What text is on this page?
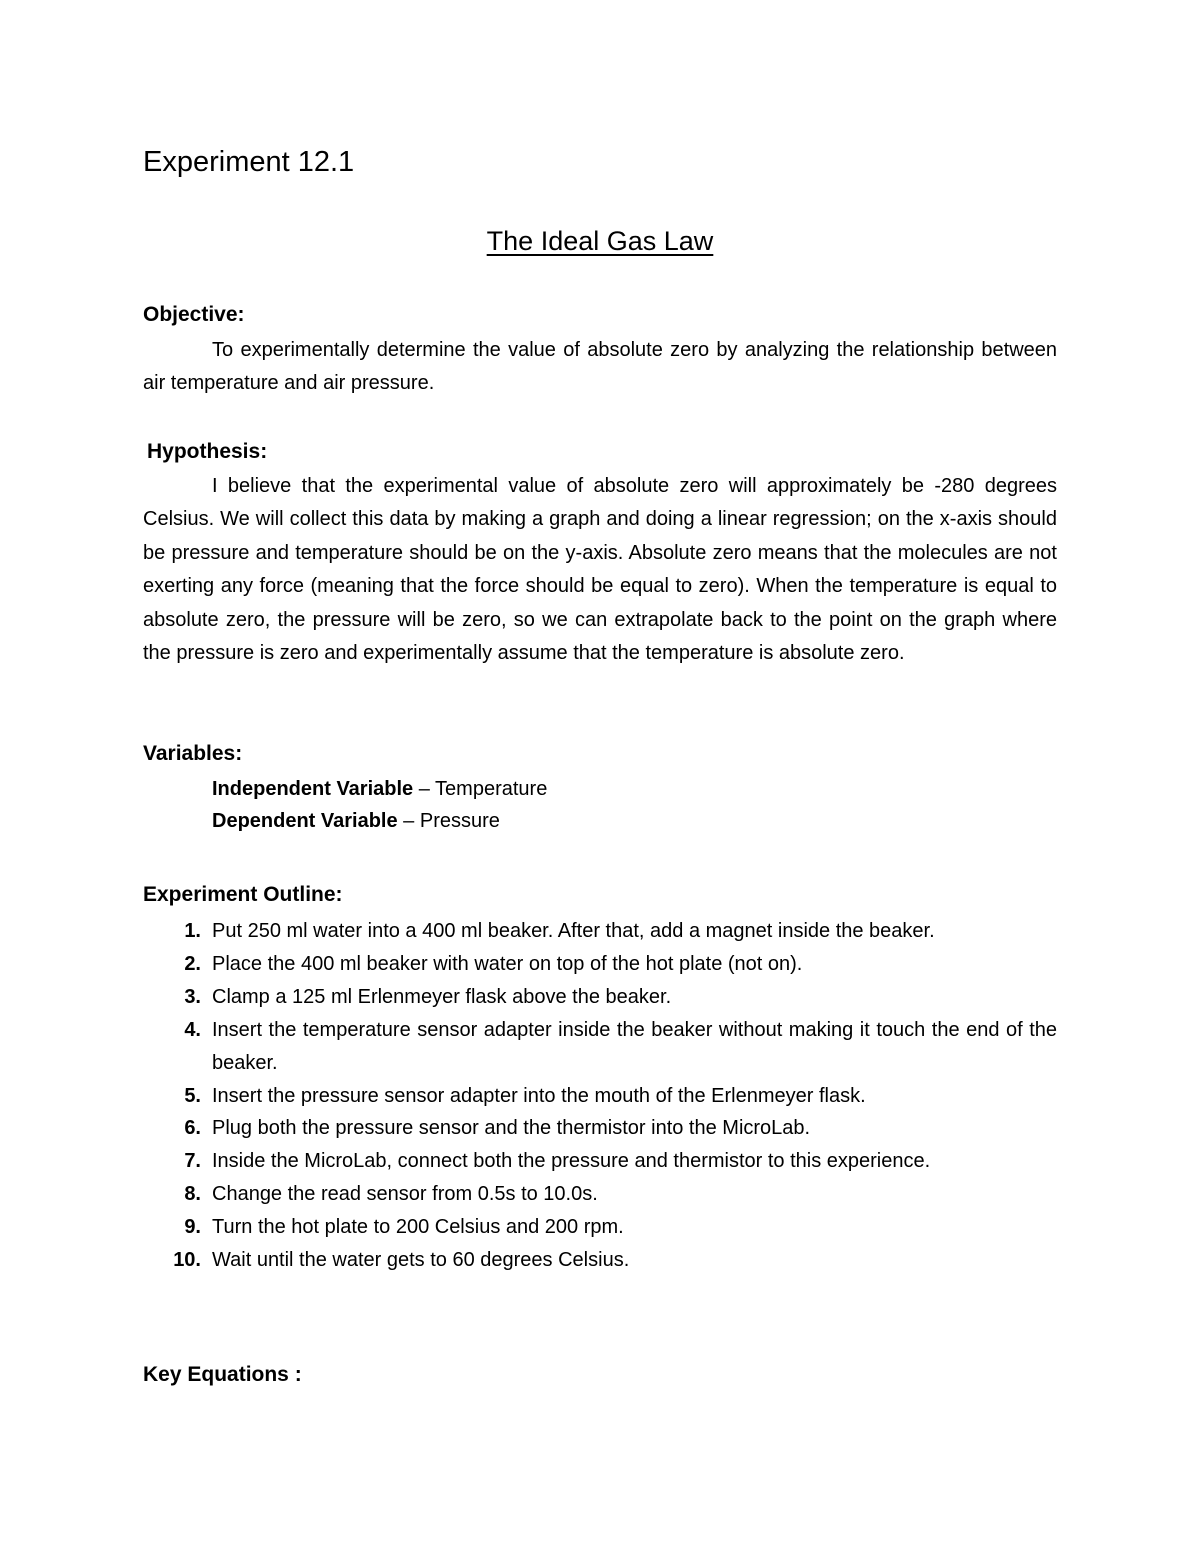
Experiment 12.1
The Ideal Gas Law
Objective:

To experimentally determine the value of absolute zero by analyzing the relationship between air temperature and air pressure.

Hypothesis:

I believe that the experimental value of absolute zero will approximately be -280 degrees Celsius. We will collect this data by making a graph and doing a linear regression; on the x-axis should be pressure and temperature should be on the y-axis. Absolute zero means that the molecules are not exerting any force (meaning that the force should be equal to zero). When the temperature is equal to absolute zero, the pressure will be zero, so we can extrapolate back to the point on the graph where the pressure is zero and experimentally assume that the temperature is absolute zero.

Variables:

Independent Variable – Temperature

Dependent Variable – Pressure

Experiment Outline:
1. Put 250 ml water into a 400 ml beaker. After that, add a magnet inside the beaker.
2. Place the 400 ml beaker with water on top of the hot plate (not on).
3. Clamp a 125 ml Erlenmeyer flask above the beaker.
4. Insert the temperature sensor adapter inside the beaker without making it touch the end of the beaker.
5. Insert the pressure sensor adapter into the mouth of the Erlenmeyer flask.
6. Plug both the pressure sensor and the thermistor into the MicroLab.
7. Inside the MicroLab, connect both the pressure and thermistor to this experience.
8. Change the read sensor from 0.5s to 10.0s.
9. Turn the hot plate to 200 Celsius and 200 rpm.
10. Wait until the water gets to 60 degrees Celsius.
Key Equations :
